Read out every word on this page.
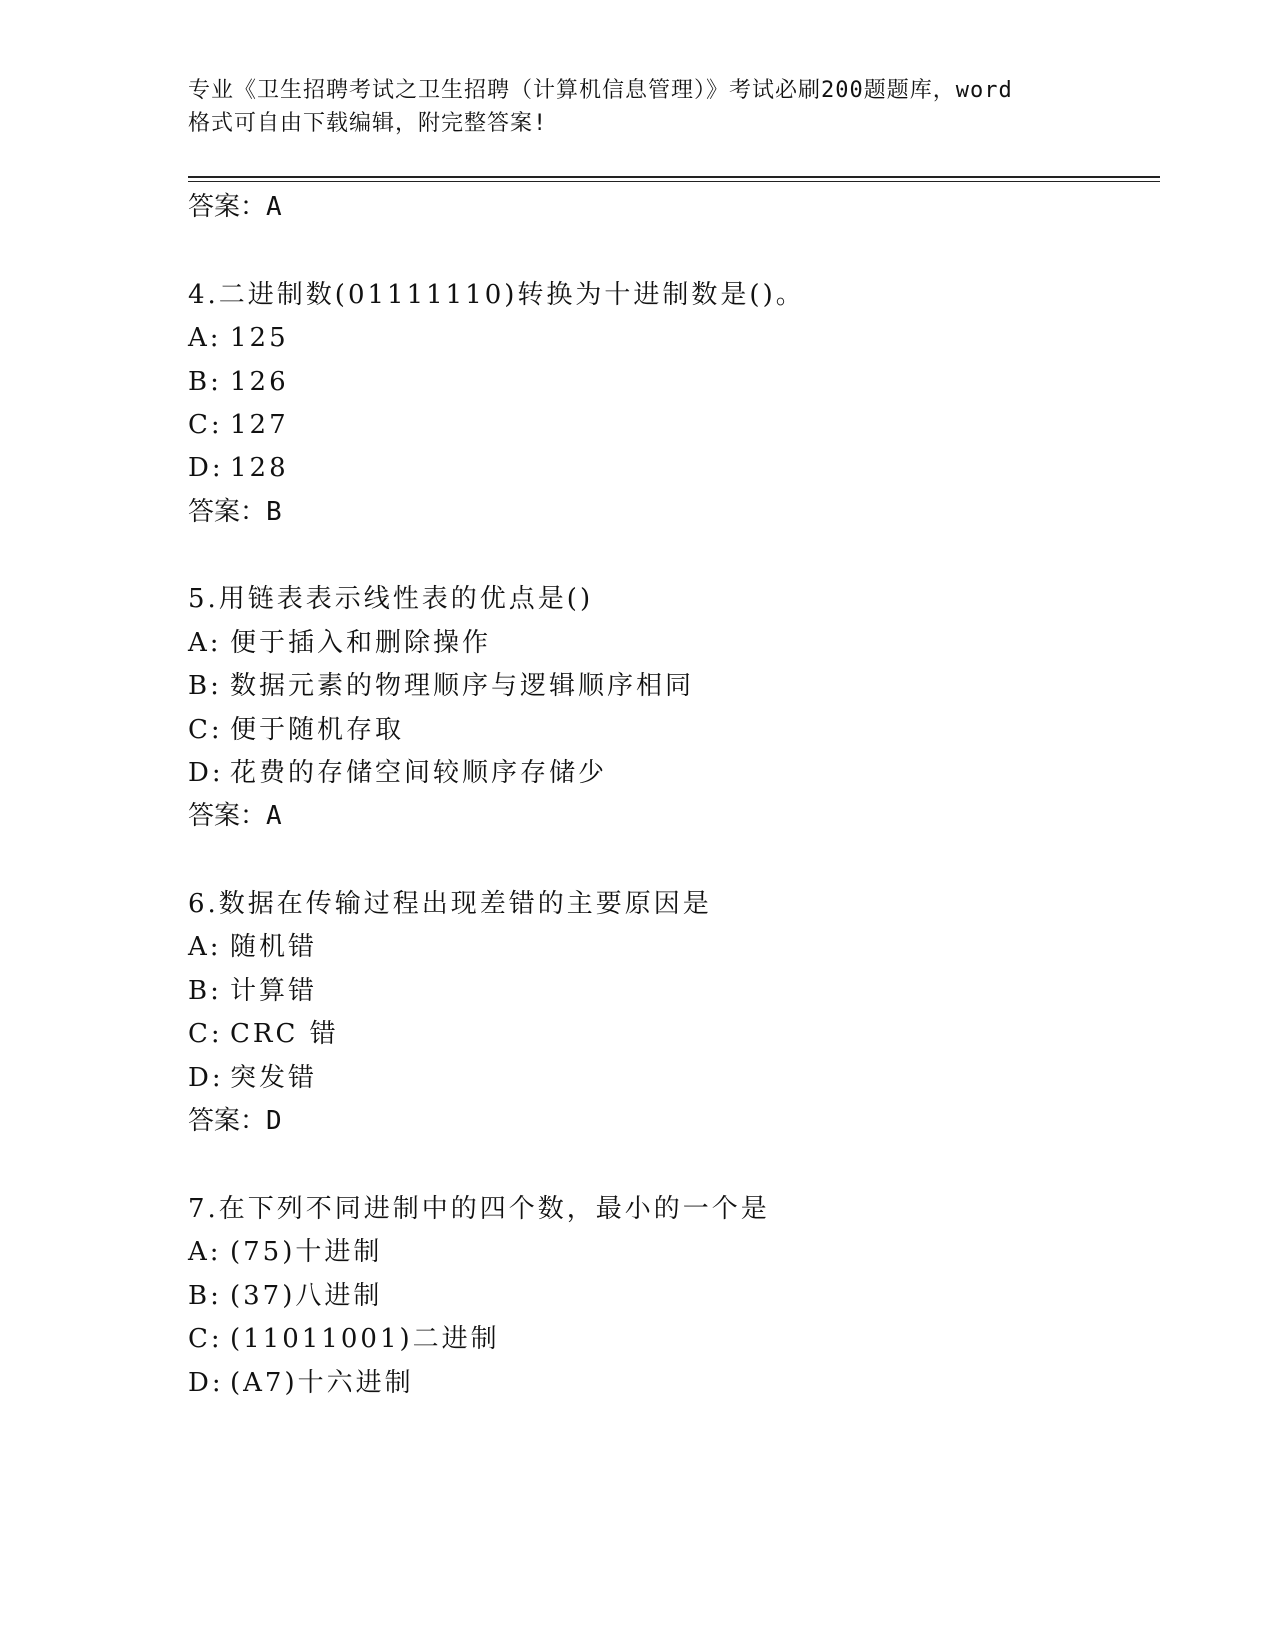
专业《卫生招聘考试之卫生招聘（计算机信息管理）》考试必刷200题题库，word
格式可自由下载编辑，附完整答案!
答案：A
4.二进制数(01111110)转换为十进制数是()。
A: 125
B: 126
C: 127
D: 128
答案：B
5.用链表表示线性表的优点是()
A: 便于插入和删除操作
B: 数据元素的物理顺序与逻辑顺序相同
C: 便于随机存取
D: 花费的存储空间较顺序存储少
答案：A
6.数据在传输过程出现差错的主要原因是
A: 随机错
B: 计算错
C: CRC 错
D: 突发错
答案：D
7.在下列不同进制中的四个数，最小的一个是
A: (75)十进制
B: (37)八进制
C: (11011001)二进制
D: (A7)十六进制
